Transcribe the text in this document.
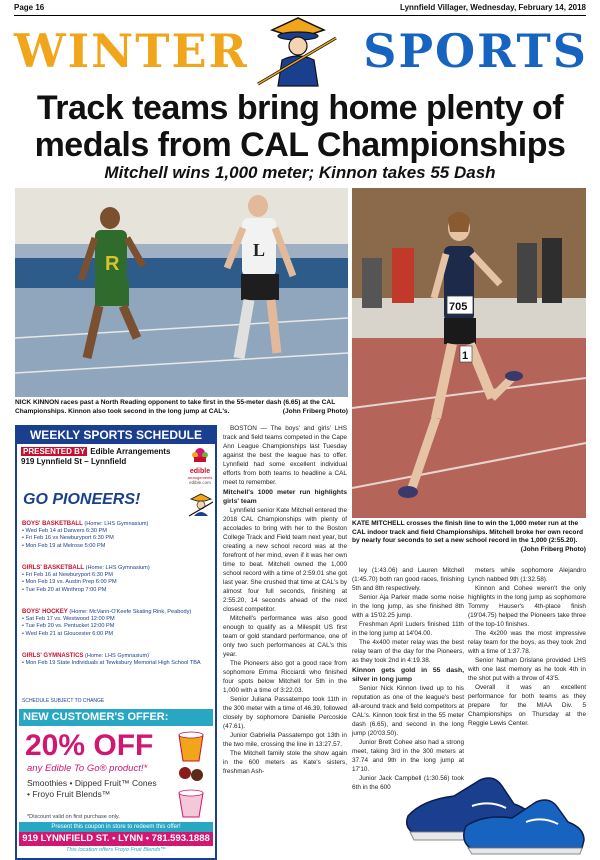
Page 16	Lynnfield Villager, Wednesday, February 14, 2018
WINTER	SPORTS
Track teams bring home plenty of medals from CAL Championships
Mitchell wins 1,000 meter; Kinnon takes 55 Dash
R
L
NICK KINNON races past a North Reading opponent to take first in the 55-meter dash (6.65) at the CAL Championships. Kinnon also took second in the long jump at CAL's.	(John Friberg Photo)
705
1
KATE MITCHELL crosses the finish line to win the 1,000 meter run at the CAL indoor track and field Championships. Mitchell broke her own record by nearly four seconds to set a new school record in the 1,000 (2:55.20).
(John Friberg Photo)
WEEKLY SPORTS SCHEDULE
PRESENTED BY Edible Arrangements
919 Lynnfield St – Lynnfield
edible
arrangements
edible.com
GO PIONEERS!
BOYS' BASKETBALL (Home: LHS Gymnasium)
• Wed Feb 14 at Danvers 6:30 PM
• Fri Feb 16 vs Newburyport 6:30 PM
• Mon Feb 19 at Melrose 5:00 PM
GIRLS' BASKETBALL (Home: LHS Gymnasium)
• Fri Feb 16 at Newburyport 6:30 PM
• Mon Feb 19 vs. Austin Prep 6:00 PM
• Tue Feb 20 at Winthrop 7:00 PM
BOYS' HOCKEY (Home: McVann-O'Keefe Skating Rink, Peabody)
• Sat Feb 17 vs. Westwood 12:00 PM
• Tue Feb 20 vs. Pentucket 12:00 PM
• Wed Feb 21 at Gloucester 6:00 PM
GIRLS' GYMNASTICS (Home: LHS Gymnasium)
• Mon Feb 19 State Individuals at Tewksbury Memorial High School TBA
SCHEDULE SUBJECT TO CHANGE
NEW CUSTOMER'S OFFER:
20% OFF
any Edible To Go® product!*
Smoothies • Dipped Fruit™ Cones
• Froyo Fruit Blends™
*Discount valid on first purchase only.
Present this coupon in store to redeem this offer!
919 LYNNFIELD ST. • LYNN • 781.593.1888
This location offers Froyo Fruit Blends™

BOSTON — The boys' and girls' LHS track and field teams competed in the Cape Ann League Championships last Tuesday against the best the league has to offer. Lynnfield had some excellent individual efforts from both teams to headline a CAL meet to remember.

Mitchell's 1000 meter run highlights girls' team

Lynnfield senior Kate Mitchell entered the 2018 CAL Championships with plenty of accolades to bring with her to the Boston College Track and Field team next year, but creating a new school record was at the forefront of her mind, even if it was her own time to beat. Mitchell owned the 1,000 school record with a time of 2:59.01 she got last year. She crushed that time at CAL's by almost four full seconds, finishing at 2:55.20, 14 seconds ahead of the next closest competitor.

Mitchell's performance was also good enough to qualify as a Milesplit US first team or gold standard performance, one of only two such performances at CAL's this year.

The Pioneers also got a good race from sophomore Emma Ricciardi who finished four spots below Mitchell for 5th in the 1,000 with a time of 3:22.03.

Senior Juliana Passatempo took 11th in the 300 meter with a time of 46.39, followed closely by sophomore Danielle Percoskie (47.61).

Junior Gabriella Passatempo got 13th in the two mile, crossing the line in 13:27.57.

The Mitchell family stole the show again in the 600 meters as Kate's sisters, freshman Ash-

ley (1:43.06) and Lauren Mitchell (1:45.70) both ran good races, finishing 5th and 8th respectively.

Senior Aja Parker made some noise in the long jump, as she finished 8th with a 15'02.25 jump.

Freshman April Luders finished 11th in the long jump at 14'04.00.

The 4x400 meter relay was the best relay team of the day for the Pioneers, as they took 2nd in 4:19.38.

Kinnon gets gold in 55 dash, silver in long jump

Senior Nick Kinnon lived up to his reputation as one of the league's best all-around track and field competitors at CAL's. Kinnon took first in the 55 meter dash (6.65), and second in the long jump (20'03.50).

Junior Brett Cohee also had a strong meet, taking 3rd in the 300 meters at 37.74 and 9th in the long jump at 17'10.

Junior Jack Campbell (1:30.56) took 6th in the 600

meters while sophomore Alejandro Lynch nabbed 9th (1:32.58).

Kinnon and Cohee weren't the only highlights in the long jump as sophomore Tommy Hauser's 4th-place finish (19'04.75) helped the Pioneers take three of the top-10 finishes.

The 4x200 was the most impressive relay team for the boys, as they took 2nd with a time of 1:37.78.

Senior Nathan Drislane provided LHS with one last memory as he took 4th in the shot put with a throw of 43'5.

Overall it was an excellent performance for both teams as they prepare for the MIAA Div. 5 Championships on Thursday at the Reggie Lewis Center.
